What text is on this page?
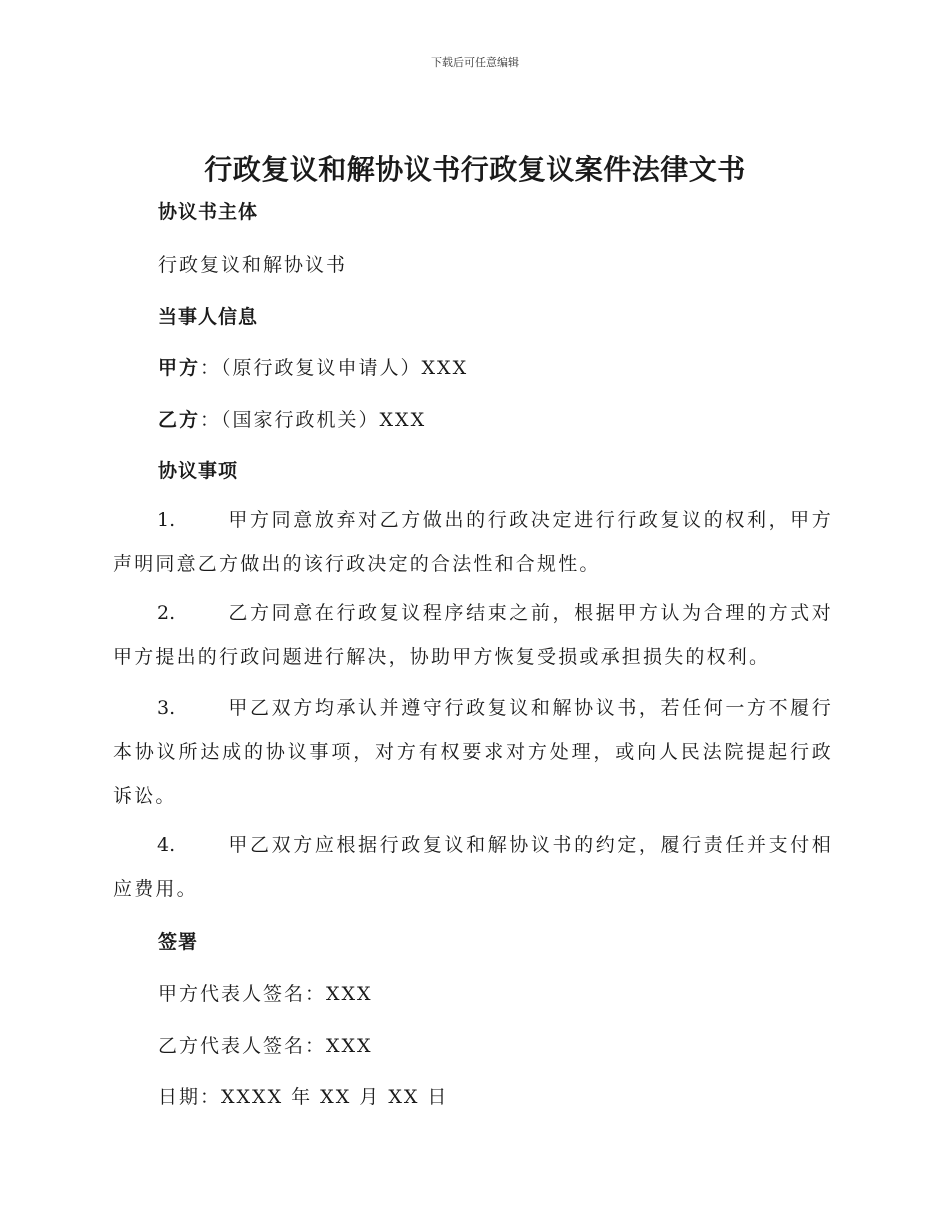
下载后可任意编辑
行政复议和解协议书行政复议案件法律文书
协议书主体
行政复议和解协议书
当事人信息
甲方：（原行政复议申请人）XXX
乙方：（国家行政机关）XXX
协议事项
1.	甲方同意放弃对乙方做出的行政决定进行行政复议的权利，甲方声明同意乙方做出的该行政决定的合法性和合规性。
2.	乙方同意在行政复议程序结束之前，根据甲方认为合理的方式对甲方提出的行政问题进行解决，协助甲方恢复受损或承担损失的权利。
3.	甲乙双方均承认并遵守行政复议和解协议书，若任何一方不履行本协议所达成的协议事项，对方有权要求对方处理，或向人民法院提起行政诉讼。
4.	甲乙双方应根据行政复议和解协议书的约定，履行责任并支付相应费用。
签署
甲方代表人签名：XXX
乙方代表人签名：XXX
日期：XXXX 年 XX 月 XX 日
